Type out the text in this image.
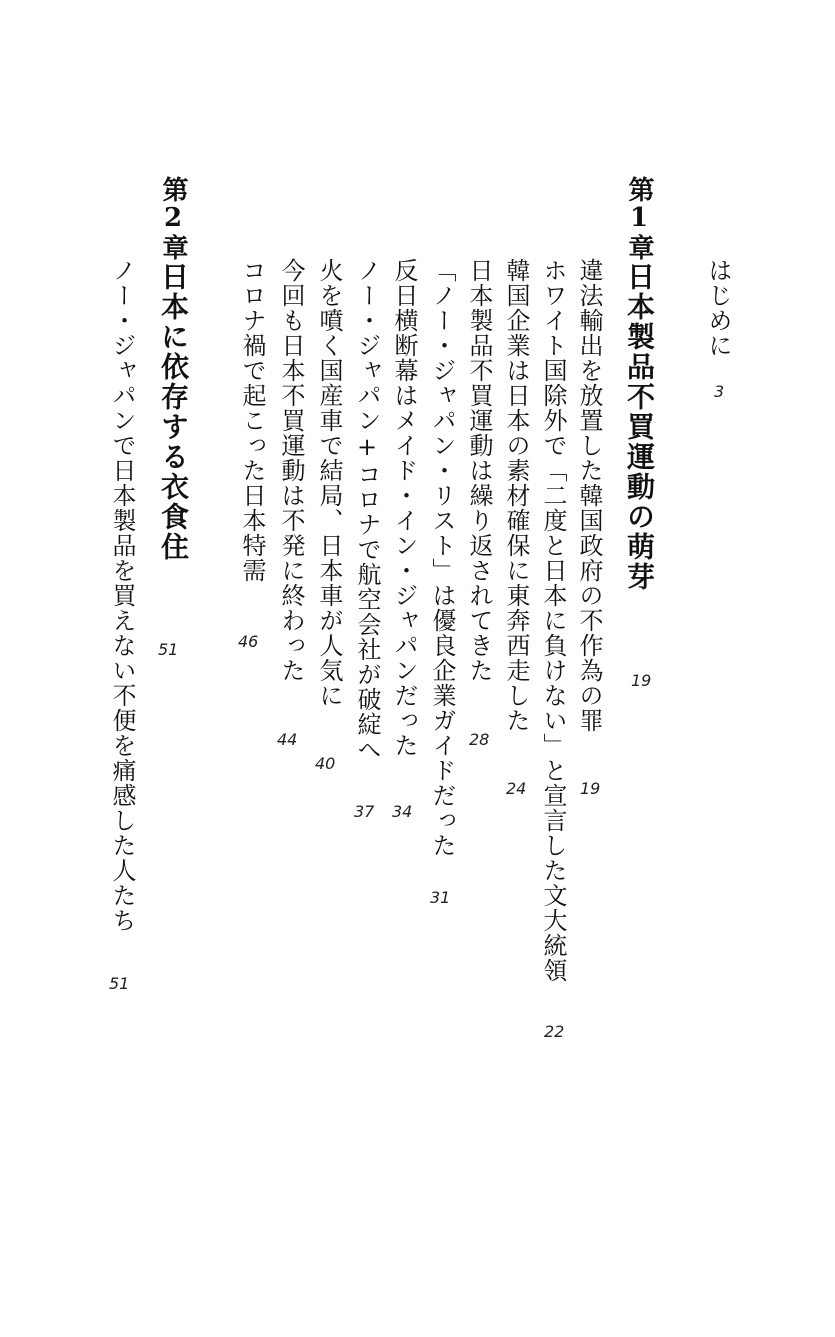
はじめに
3
第1章
日本製品不買運動の萌芽
19
違法輸出を放置した韓国政府の不作為の罪
19
ホワイト国除外で「二度と日本に負けない」と宣言した文大統領
22
韓国企業は日本の素材確保に東奔西走した
24
日本製品不買運動は繰り返されてきた
28
「ノー・ジャパン・リスト」は優良企業ガイドだった
31
反日横断幕はメイド・イン・ジャパンだった
34
ノー・ジャパン+コロナで航空会社が破綻へ
37
火を噴く国産車で結局、日本車が人気に
40
今回も日本不買運動は不発に終わった
44
コロナ禍で起こった日本特需
46
第2章
日本に依存する衣食住
51
ノー・ジャパンで日本製品を買えない不便を痛感した人たち
51
